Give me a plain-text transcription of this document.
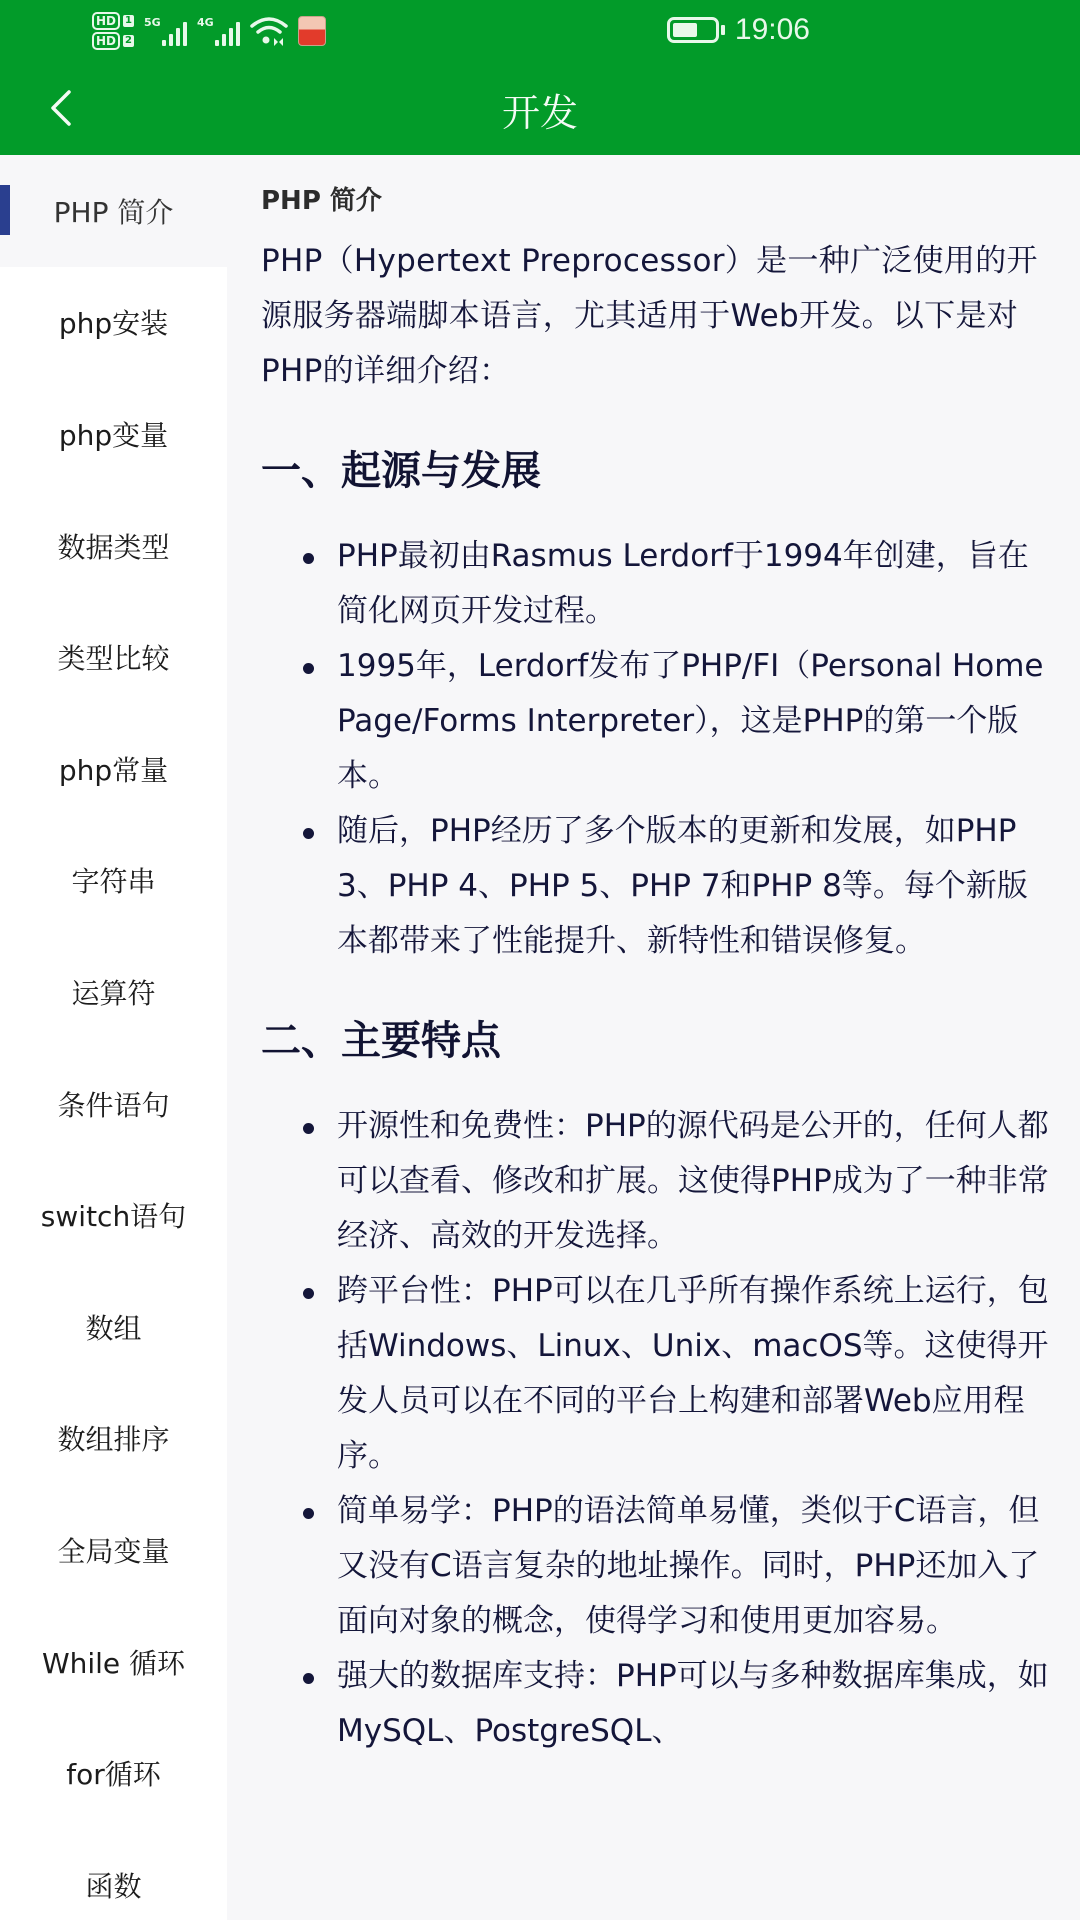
HD 1
HD 2
5G	4G	19:06
开发
PHP 简介
php安装
php变量
数据类型
类型比较
php常量
字符串
运算符
条件语句
switch语句
数组
数组排序
全局变量
While 循环
for循环
函数
PHP 简介

PHP（Hypertext Preprocessor）是一种广泛使用的开源服务器端脚本语言，尤其适用于Web开发。以下是对PHP的详细介绍：

一、起源与发展
PHP最初由Rasmus Lerdorf于1994年创建，旨在简化网页开发过程。
1995年，Lerdorf发布了PHP/FI（Personal Home Page/Forms Interpreter），这是PHP的第一个版本。
随后，PHP经历了多个版本的更新和发展，如PHP 3、PHP 4、PHP 5、PHP 7和PHP 8等。每个新版本都带来了性能提升、新特性和错误修复。
二、主要特点
开源性和免费性：PHP的源代码是公开的，任何人都可以查看、修改和扩展。这使得PHP成为了一种非常经济、高效的开发选择。
跨平台性：PHP可以在几乎所有操作系统上运行，包括Windows、Linux、Unix、macOS等。这使得开发人员可以在不同的平台上构建和部署Web应用程序。
简单易学：PHP的语法简单易懂，类似于C语言，但又没有C语言复杂的地址操作。同时，PHP还加入了面向对象的概念，使得学习和使用更加容易。
强大的数据库支持：PHP可以与多种数据库集成，如MySQL、PostgreSQL、
